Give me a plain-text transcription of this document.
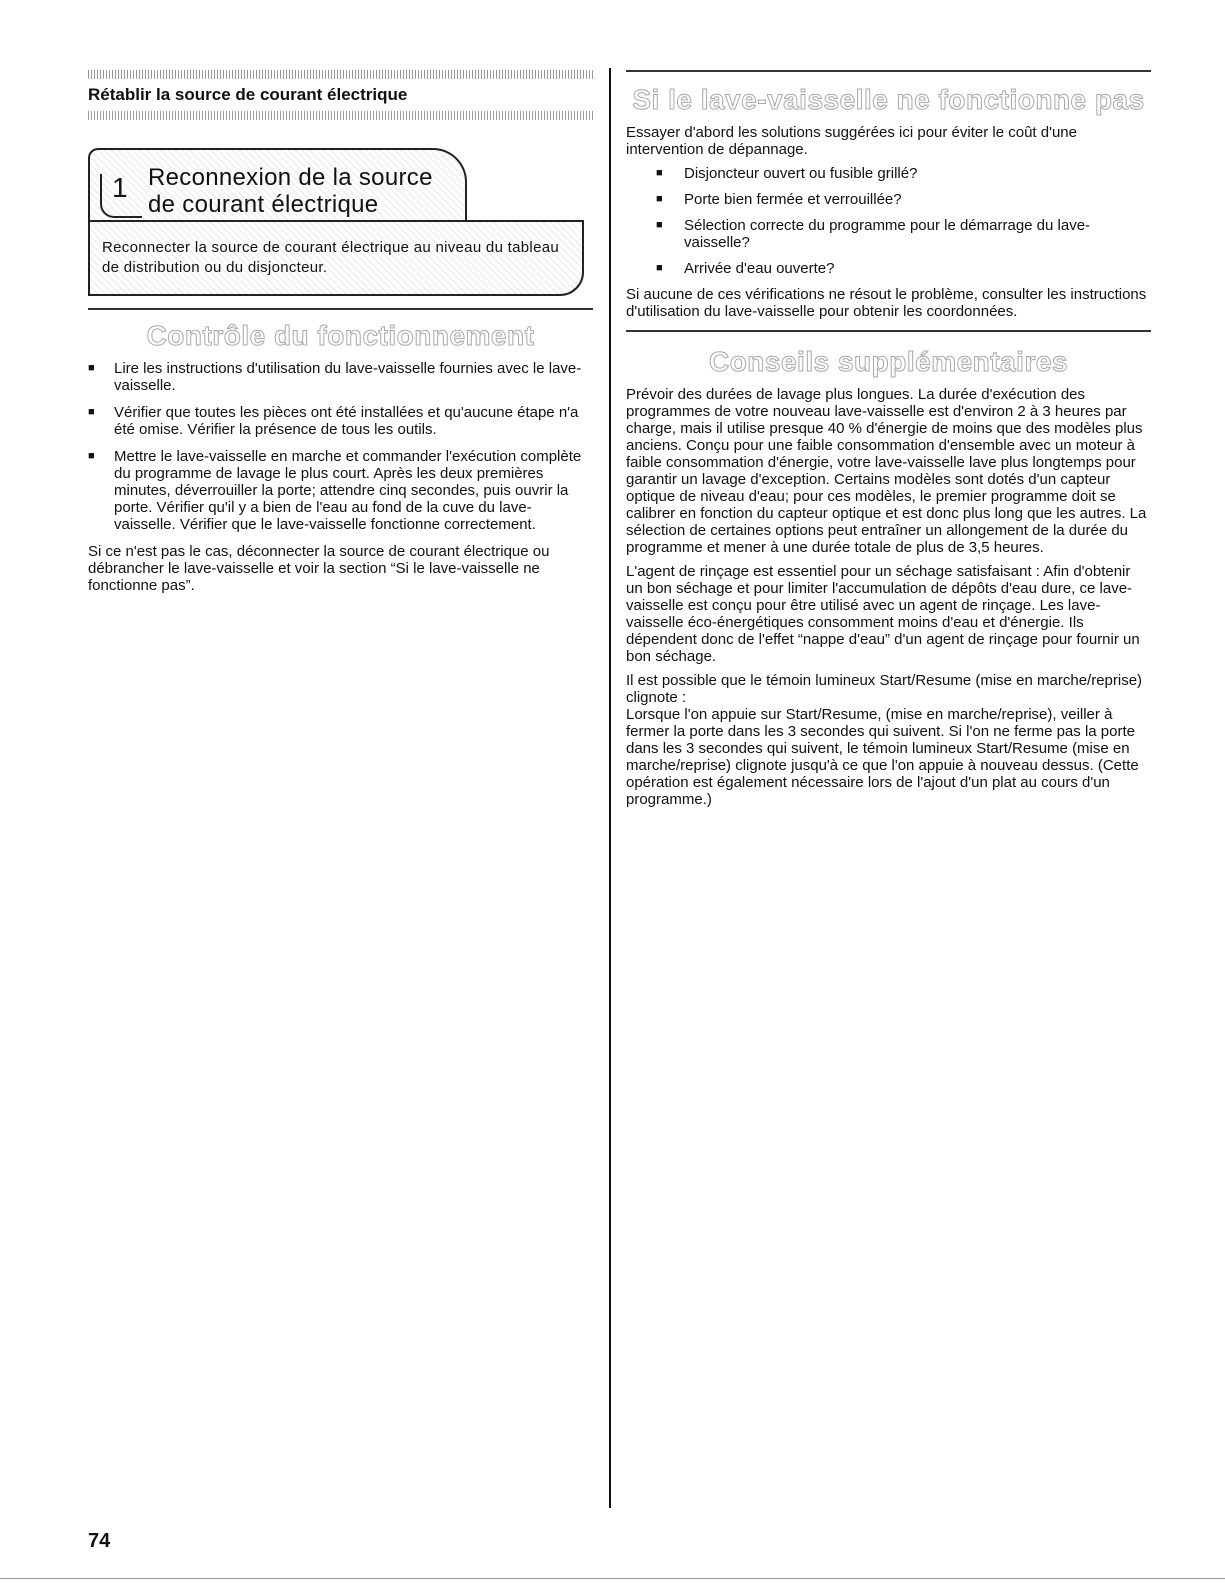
Rétablir la source de courant électrique
1 Reconnexion de la source
de courant électrique
Reconnecter la source de courant électrique au niveau du tableau de distribution ou du disjoncteur.
Contrôle du fonctionnement
■ Lire les instructions d'utilisation du lave-vaisselle fournies avec le lave-vaisselle.
■ Vérifier que toutes les pièces ont été installées et qu'aucune étape n'a été omise. Vérifier la présence de tous les outils.
■ Mettre le lave-vaisselle en marche et commander l'exécution complète du programme de lavage le plus court. Après les deux premières minutes, déverrouiller la porte; attendre cinq secondes, puis ouvrir la porte. Vérifier qu'il y a bien de l'eau au fond de la cuve du lave-vaisselle. Vérifier que le lave-vaisselle fonctionne correctement.

Si ce n'est pas le cas, déconnecter la source de courant électrique ou débrancher le lave-vaisselle et voir la section “Si le lave-vaisselle ne fonctionne pas”.

Si le lave-vaisselle ne fonctionne pas

Essayer d'abord les solutions suggérées ici pour éviter le coût d'une intervention de dépannage.

■ Disjoncteur ouvert ou fusible grillé?
■ Porte bien fermée et verrouillée?
■ Sélection correcte du programme pour le démarrage du lave-vaisselle?
■ Arrivée d'eau ouverte?

Si aucune de ces vérifications ne résout le problème, consulter les instructions d'utilisation du lave-vaisselle pour obtenir les coordonnées.

Conseils supplémentaires

Prévoir des durées de lavage plus longues. La durée d'exécution des programmes de votre nouveau lave-vaisselle est d'environ 2 à 3 heures par charge, mais il utilise presque 40 % d'énergie de moins que des modèles plus anciens. Conçu pour une faible consommation d'ensemble avec un moteur à faible consommation d'énergie, votre lave-vaisselle lave plus longtemps pour garantir un lavage d'exception. Certains modèles sont dotés d'un capteur optique de niveau d'eau; pour ces modèles, le premier programme doit se calibrer en fonction du capteur optique et est donc plus long que les autres. La sélection de certaines options peut entraîner un allongement de la durée du programme et mener à une durée totale de plus de 3,5 heures.

L'agent de rinçage est essentiel pour un séchage satisfaisant : Afin d'obtenir un bon séchage et pour limiter l'accumulation de dépôts d'eau dure, ce lave-vaisselle est conçu pour être utilisé avec un agent de rinçage. Les lave-vaisselle éco-énergétiques consomment moins d'eau et d'énergie. Ils dépendent donc de l'effet “nappe d'eau” d'un agent de rinçage pour fournir un bon séchage.

Il est possible que le témoin lumineux Start/Resume (mise en marche/reprise) clignote :

Lorsque l'on appuie sur Start/Resume, (mise en marche/reprise), veiller à fermer la porte dans les 3 secondes qui suivent. Si l'on ne ferme pas la porte dans les 3 secondes qui suivent, le témoin lumineux Start/Resume (mise en marche/reprise) clignote jusqu'à ce que l'on appuie à nouveau dessus. (Cette opération est également nécessaire lors de l'ajout d'un plat au cours d'un programme.)

74
